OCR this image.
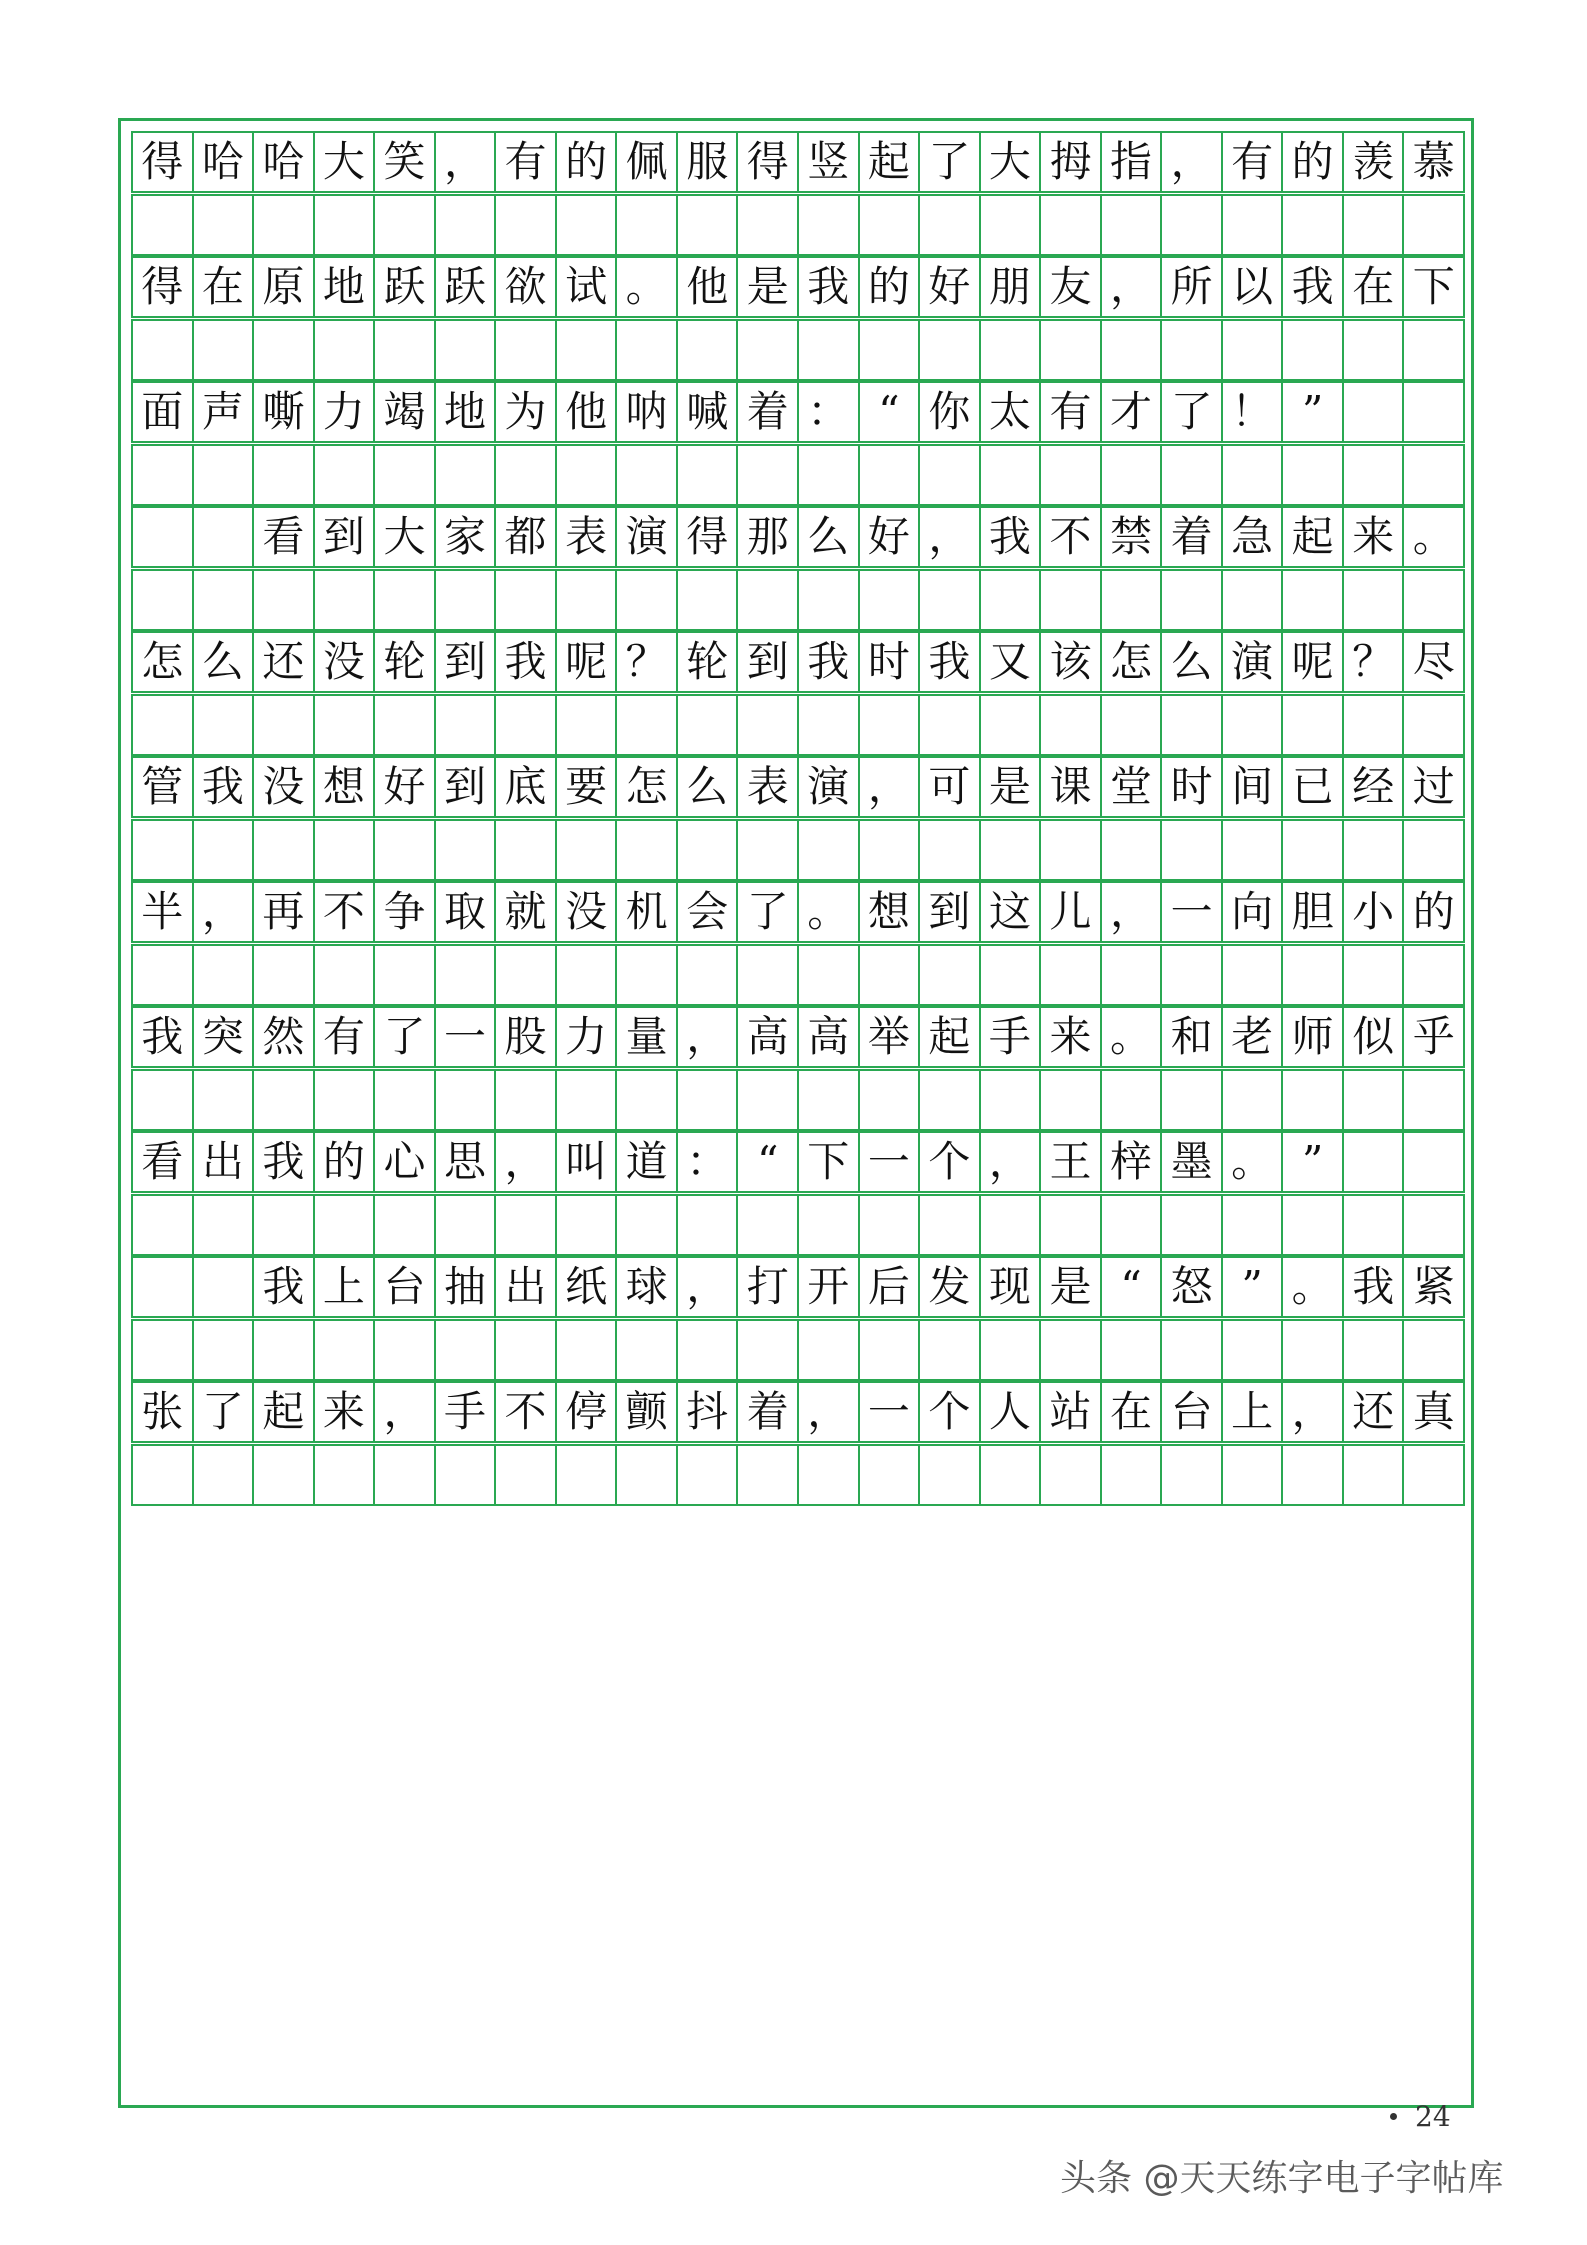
得 哈 哈 大 笑 ， 有 的 佩 服 得 竖 起 了 大 拇 指 ， 有 的 羡 慕
得 在 原 地 跃 跃 欲 试 。 他 是 我 的 好 朋 友 ， 所 以 我 在 下
面 声 嘶 力 竭 地 为 他 呐 喊 着 ： “ 你 太 有 才 了 ！ ”
看 到 大 家 都 表 演 得 那 么 好 ， 我 不 禁 着 急 起 来 。
怎 么 还 没 轮 到 我 呢 ？ 轮 到 我 时 我 又 该 怎 么 演 呢 ？ 尽
管 我 没 想 好 到 底 要 怎 么 表 演 ， 可 是 课 堂 时 间 已 经 过
半 ， 再 不 争 取 就 没 机 会 了 。 想 到 这 儿 ， 一 向 胆 小 的
我 突 然 有 了 一 股 力 量 ， 高 高 举 起 手 来 。 和 老 师 似 乎
看 出 我 的 心 思 ， 叫 道 ： “ 下 一 个 ， 王 梓 墨 。 ”
我 上 台 抽 出 纸 球 ， 打 开 后 发 现 是 “ 怒 ” 。 我 紧
张 了 起 来 ， 手 不 停 颤 抖 着 ， 一 个 人 站 在 台 上 ， 还 真
24
头条 @天天练字电子字帖库
